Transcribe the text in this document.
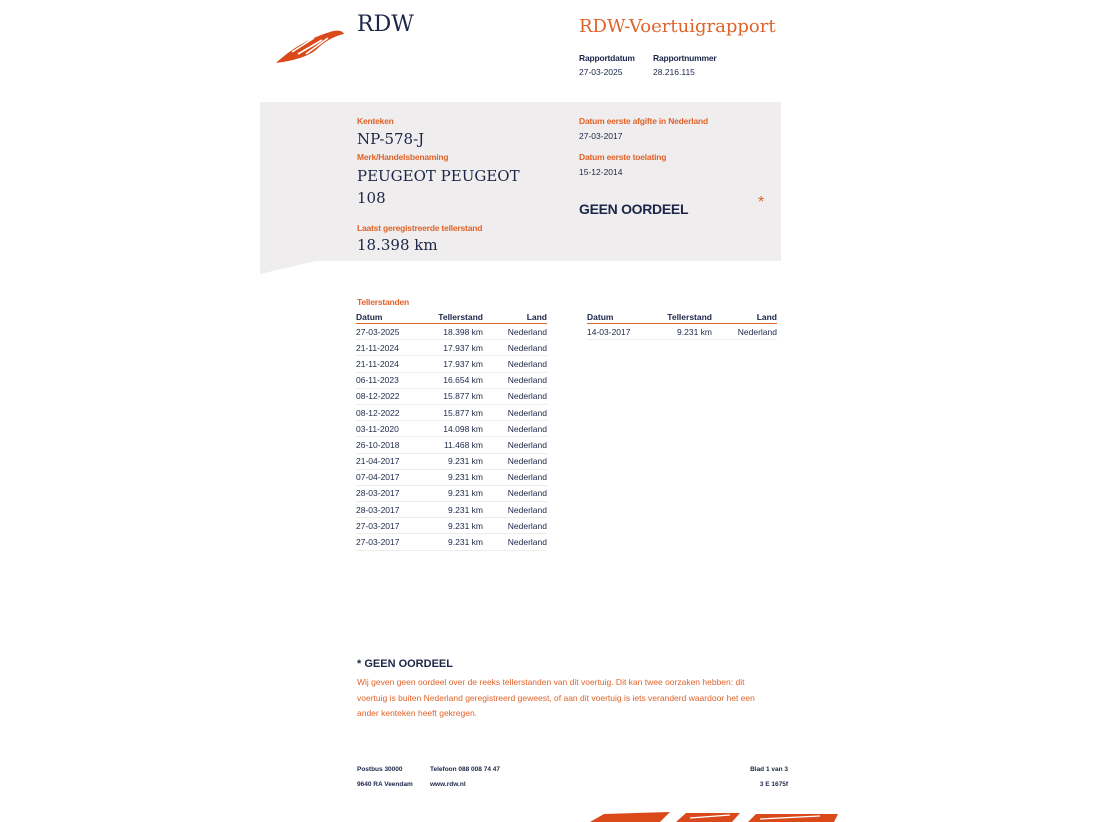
RDW	RDW-Voertuigrapport
Rapportdatum
27-03-2025
Rapportnummer
28.216.115
Kenteken
NP-578-J
Merk/Handelsbenaming
PEUGEOT PEUGEOT
108
Laatst geregistreerde tellerstand
18.398 km
Datum eerste afgifte in Nederland
27-03-2017
Datum eerste toelating
15-12-2014
GEEN OORDEEL	*
Tellerstanden
Datum	Tellerstand	Land
27-03-2025	18.398 km	Nederland
21-11-2024	17.937 km	Nederland
21-11-2024	17.937 km	Nederland
06-11-2023	16.654 km	Nederland
08-12-2022	15.877 km	Nederland
08-12-2022	15.877 km	Nederland
03-11-2020	14.098 km	Nederland
26-10-2018	11.468 km	Nederland
21-04-2017	9.231 km	Nederland
07-04-2017	9.231 km	Nederland
28-03-2017	9.231 km	Nederland
28-03-2017	9.231 km	Nederland
27-03-2017	9.231 km	Nederland
27-03-2017	9.231 km	Nederland
Datum	Tellerstand	Land
14-03-2017	9.231 km	Nederland
* GEEN OORDEEL
Wij geven geen oordeel over de reeks tellerstanden van dit voertuig. Dit kan twee oorzaken hebben: dit
voertuig is buiten Nederland geregistreerd geweest, of aan dit voertuig is iets veranderd waardoor het een
ander kenteken heeft gekregen.
Postbus 30000
9640 RA Veendam
Telefoon 088 008 74 47
www.rdw.nl
Blad 1 van 3
3 E 1675f
